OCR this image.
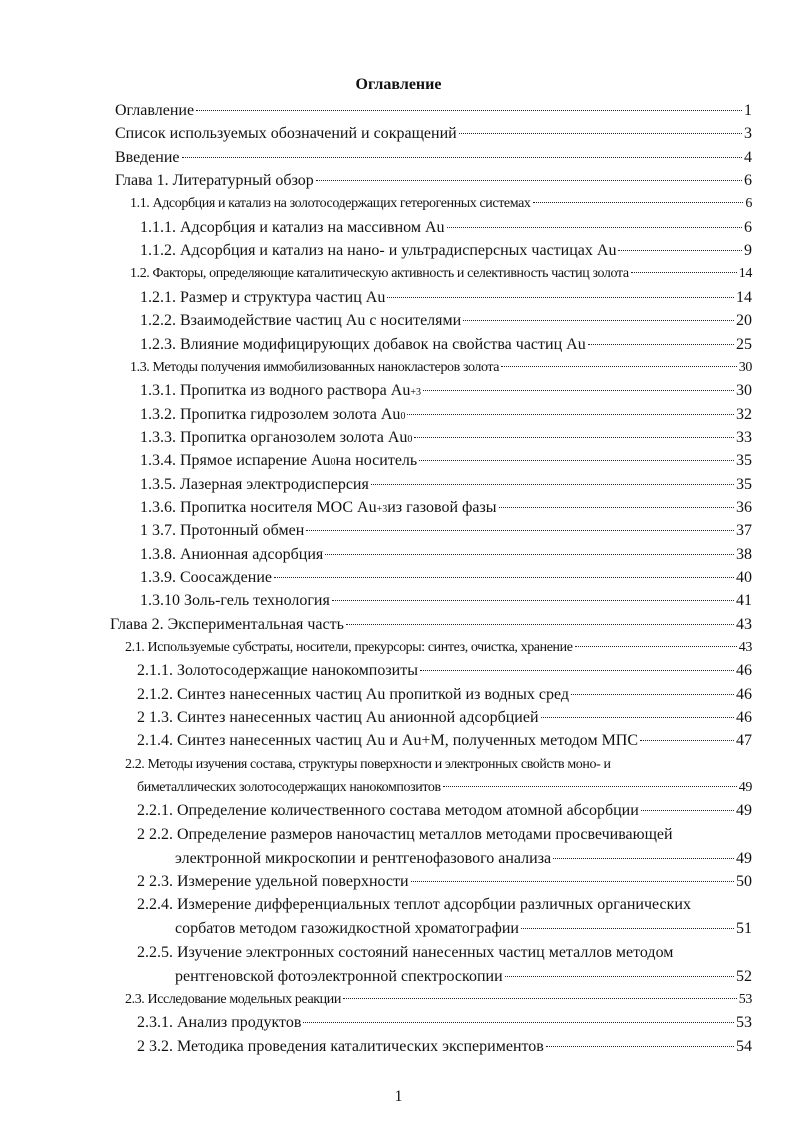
Оглавление
Оглавление	1
Список используемых обозначений и сокращений	3
Введение	4
Глава 1. Литературный обзор	6
1.1. Адсорбция и катализ на золотосодержащих гетерогенных системах	6
1.1.1. Адсорбция и катализ на массивном Au	6
1.1.2. Адсорбция и катализ на нано- и ультрадисперсных частицах Au	9
1.2. Факторы, определяющие каталитическую активность и селективность частиц золота	14
1.2.1. Размер и структура частиц Au	14
1.2.2. Взаимодействие частиц Au с носителями	20
1.2.3. Влияние модифицирующих добавок на свойства частиц Au	25
1.3. Методы получения иммобилизованных нанокластеров золота	30
1.3.1. Пропитка из водного раствора Au +3	30
1.3.2. Пропитка гидрозолем золота Au 0	32
1.3.3. Пропитка органозолем золота Au 0	33
1.3.4. Прямое испарение Au 0 на носитель	35
1.3.5. Лазерная электродисперсия	35
1.3.6. Пропитка носителя МОС Au +3 из газовой фазы	36
1 3.7. Протонный обмен	37
1.3.8. Анионная адсорбция	38
1.3.9. Соосаждение	40
1.3.10 Золь-гель технология	41
Глава 2. Экспериментальная часть	43
2.1. Используемые субстраты, носители, прекурсоры: синтез, очистка, хранение	43
2.1.1. Золотосодержащие нанокомпозиты	46
2.1.2. Синтез нанесенных частиц Au пропиткой из водных сред	46
2 1.3. Синтез нанесенных частиц Au анионной адсорбцией	46
2.1.4. Синтез нанесенных частиц Au и Au+M, полученных методом МПС	47
2.2. Методы изучения состава, структуры поверхности и электронных свойств моно- и
биметаллических золотосодержащих нанокомпозитов	49
2.2.1. Определение количественного состава методом атомной абсорбции	49
2 2.2. Определение размеров наночастиц металлов методами просвечивающей
электронной микроскопии и рентгенофазового анализа	49
2 2.3. Измерение удельной поверхности	50
2.2.4. Измерение дифференциальных теплот адсорбции различных органических
сорбатов методом газожидкостной хроматографии	51
2.2.5. Изучение электронных состояний нанесенных частиц металлов методом
рентгеновской фотоэлектронной спектроскопии	52
2.3. Исследование модельных реакции	53
2.3.1. Анализ продуктов	53
2 3.2. Методика проведения каталитических экспериментов	54
1
